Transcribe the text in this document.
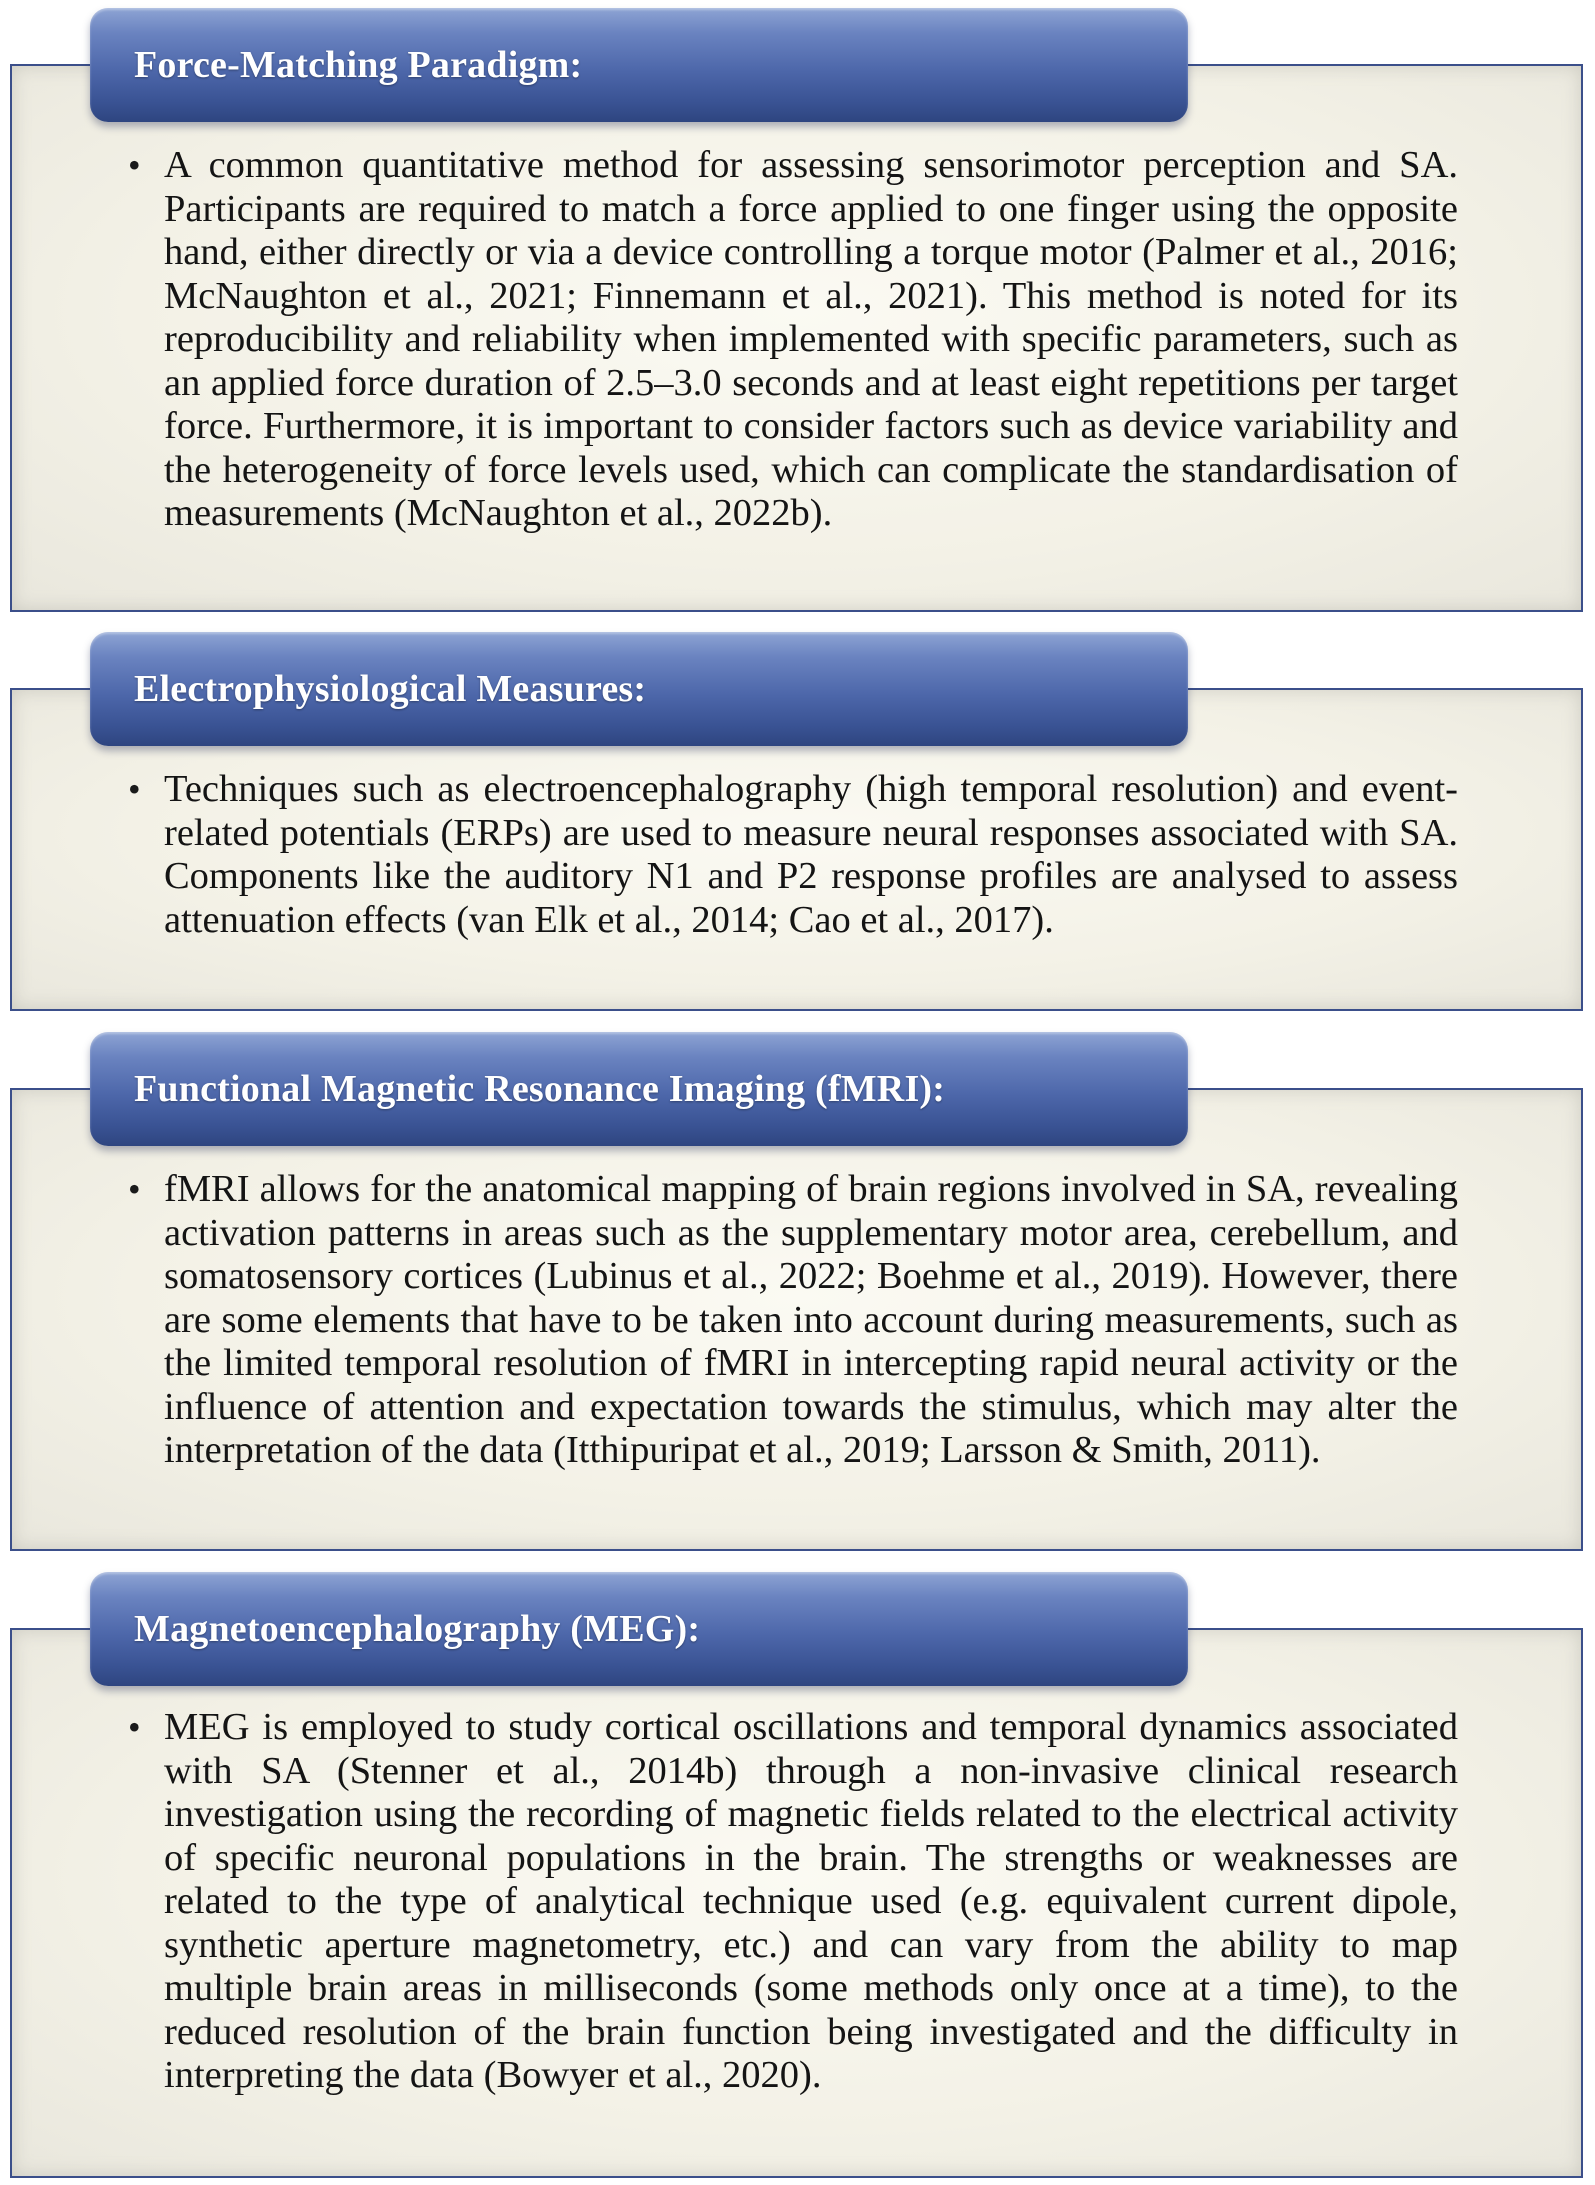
Force-Matching Paradigm:
• A common quantitative method for assessing sensorimotor perception and SA. Participants are required to match a force applied to one finger using the opposite hand, either directly or via a device controlling a torque motor (Palmer et al., 2016; McNaughton et al., 2021; Finnemann et al., 2021). This method is noted for its reproducibility and reliability when implemented with specific parameters, such as an applied force duration of 2.5–3.0 seconds and at least eight repetitions per target force. Furthermore, it is important to consider factors such as device variability and the heterogeneity of force levels used, which can complicate the standardisation of measurements (McNaughton et al., 2022b).
Electrophysiological Measures:
• Techniques such as electroencephalography (high temporal resolution) and event-related potentials (ERPs) are used to measure neural responses associated with SA. Components like the auditory N1 and P2 response profiles are analysed to assess attenuation effects (van Elk et al., 2014; Cao et al., 2017).
Functional Magnetic Resonance Imaging (fMRI):
• fMRI allows for the anatomical mapping of brain regions involved in SA, revealing activation patterns in areas such as the supplementary motor area, cerebellum, and somatosensory cortices (Lubinus et al., 2022; Boehme et al., 2019). However, there are some elements that have to be taken into account during measurements, such as the limited temporal resolution of fMRI in intercepting rapid neural activity or the influence of attention and expectation towards the stimulus, which may alter the interpretation of the data (Itthipuripat et al., 2019; Larsson & Smith, 2011).
Magnetoencephalography (MEG):
• MEG is employed to study cortical oscillations and temporal dynamics associated with SA (Stenner et al., 2014b) through a non-invasive clinical research investigation using the recording of magnetic fields related to the electrical activity of specific neuronal populations in the brain. The strengths or weaknesses are related to the type of analytical technique used (e.g. equivalent current dipole, synthetic aperture magnetometry, etc.) and can vary from the ability to map multiple brain areas in milliseconds (some methods only once at a time), to the reduced resolution of the brain function being investigated and the difficulty in interpreting the data (Bowyer et al., 2020).
